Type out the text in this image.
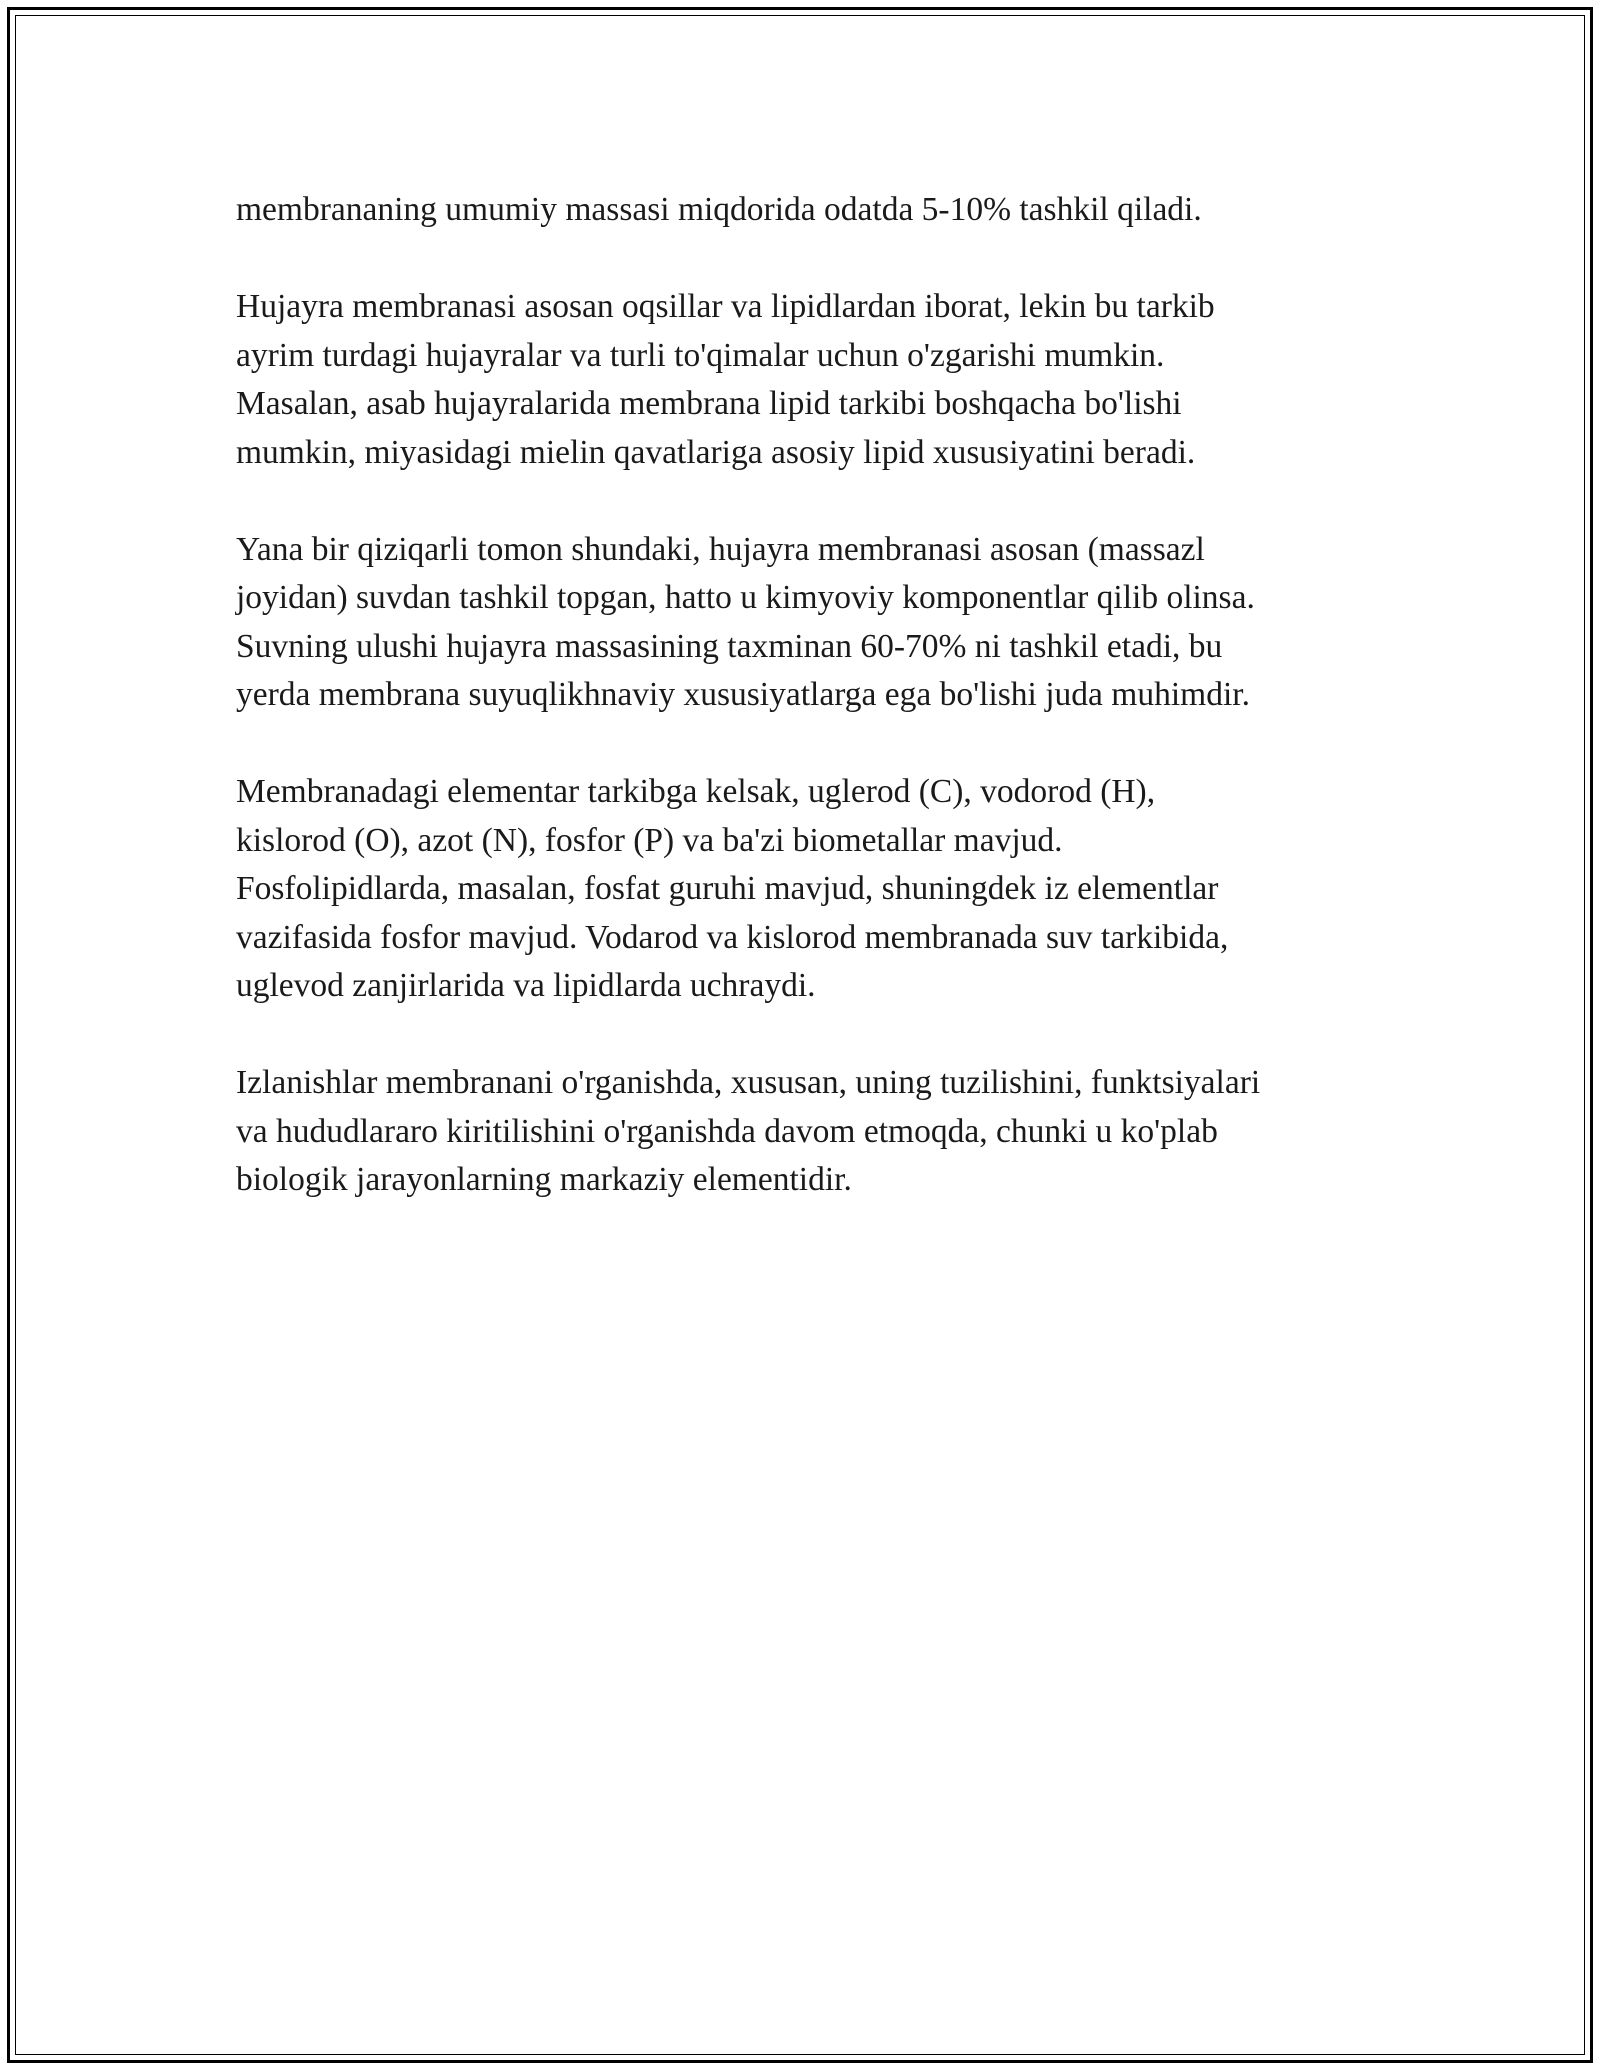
membrananing umumiy massasi miqdorida odatda 5-10% tashkil qiladi.

Hujayra membranasi asosan oqsillar va lipidlardan iborat, lekin bu tarkib
ayrim turdagi hujayralar va turli to'qimalar uchun o'zgarishi mumkin.
Masalan, asab hujayralarida membrana lipid tarkibi boshqacha bo'lishi
mumkin, miyasidagi mielin qavatlariga asosiy lipid xususiyatini beradi.

Yana bir qiziqarli tomon shundaki, hujayra membranasi asosan (massazl
joyidan) suvdan tashkil topgan, hatto u kimyoviy komponentlar qilib olinsa.
Suvning ulushi hujayra massasining taxminan 60-70% ni tashkil etadi, bu
yerda membrana suyuqlikhnaviy xususiyatlarga ega bo'lishi juda muhimdir.

Membranadagi elementar tarkibga kelsak, uglerod (C), vodorod (H),
kislorod (O), azot (N), fosfor (P) va ba'zi biometallar mavjud.
Fosfolipidlarda, masalan, fosfat guruhi mavjud, shuningdek iz elementlar
vazifasida fosfor mavjud. Vodarod va kislorod membranada suv tarkibida,
uglevod zanjirlarida va lipidlarda uchraydi.

Izlanishlar membranani o'rganishda, xususan, uning tuzilishini, funktsiyalari
va hududlararo kiritilishini o'rganishda davom etmoqda, chunki u ko'plab
biologik jarayonlarning markaziy elementidir.
